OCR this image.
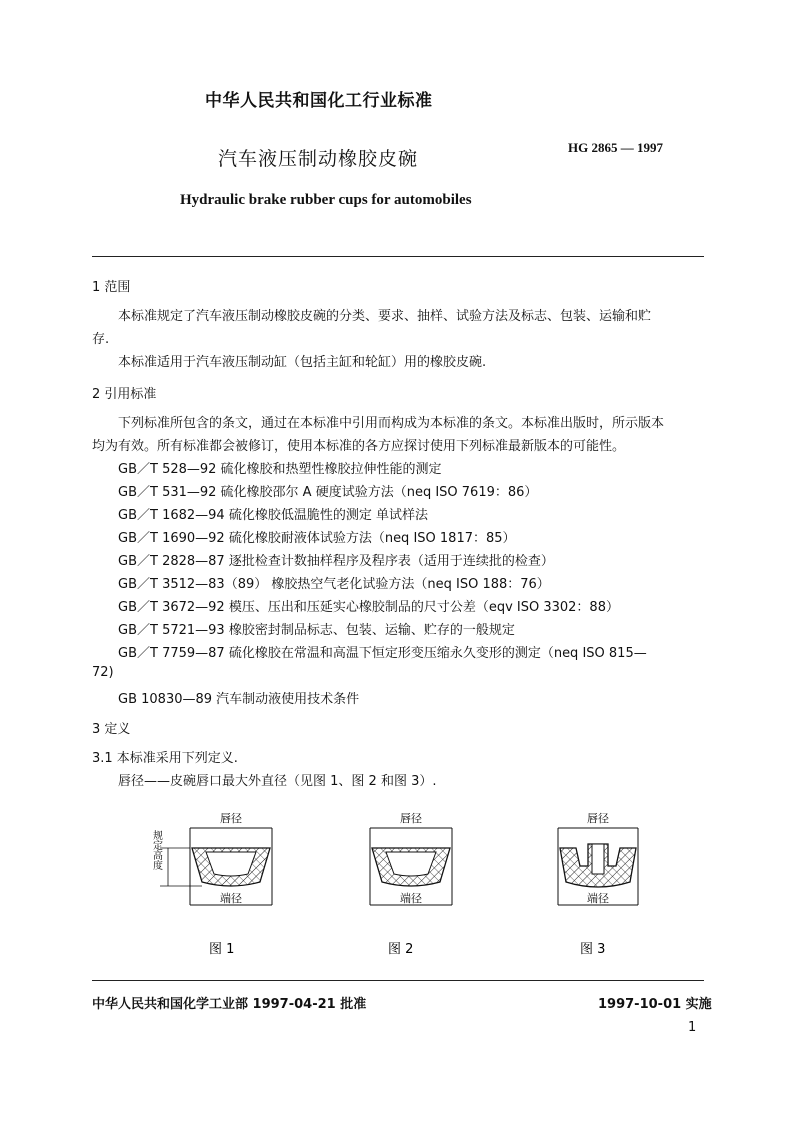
中华人民共和国化工行业标准
汽车液压制动橡胶皮碗
HG 2865 — 1997
Hydraulic brake rubber cups for automobiles
1 范围
本标准规定了汽车液压制动橡胶皮碗的分类、要求、抽样、试验方法及标志、包装、运输和贮
存.
本标准适用于汽车液压制动缸（包括主缸和轮缸）用的橡胶皮碗.
2 引用标准
下列标准所包含的条文，通过在本标准中引用而构成为本标准的条文。本标准出版时，所示版本
均为有效。所有标准都会被修订，使用本标准的各方应探讨使用下列标准最新版本的可能性。
GB／T 528—92 硫化橡胶和热塑性橡胶拉伸性能的测定
GB／T 531—92 硫化橡胶邵尔 A 硬度试验方法（neq ISO 7619：86）
GB／T 1682—94 硫化橡胶低温脆性的测定 单试样法
GB／T 1690—92 硫化橡胶耐液体试验方法（neq ISO 1817：85）
GB／T 2828—87 逐批检查计数抽样程序及程序表（适用于连续批的检查）
GB／T 3512—83（89） 橡胶热空气老化试验方法（neq ISO 188：76）
GB／T 3672—92 模压、压出和压延实心橡胶制品的尺寸公差（eqv ISO 3302：88）
GB／T 5721—93 橡胶密封制品标志、包装、运输、贮存的一般规定
GB／T 7759—87 硫化橡胶在常温和高温下恒定形变压缩永久变形的测定（neq ISO 815—
72)
GB 10830—89 汽车制动液使用技术条件
3 定义
3.1 本标准采用下列定义.
唇径——皮碗唇口最大外直径（见图 1、图 2 和图 3）.
唇径
规定高度
端径
图 1
唇径
端径
图 2
唇径
端径
图 3
中华人民共和国化学工业部 1997-04-21 批准	1997-10-01 实施
1
